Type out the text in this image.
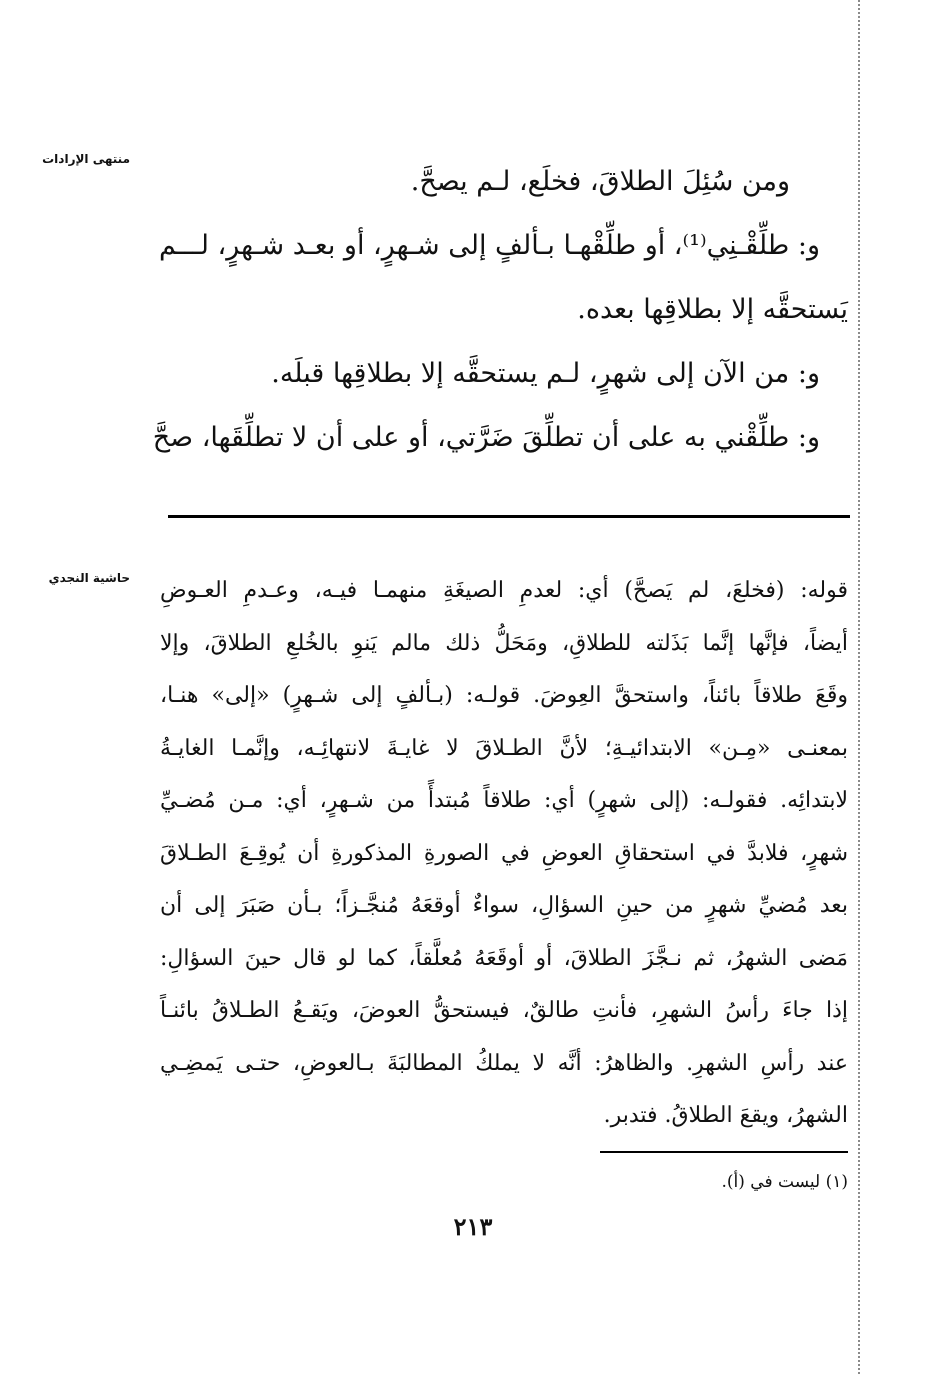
منتهى الإرادات
ومن سُئِلَ الطلاقَ، فخلَع، لـم يصحَّ.
و: طلِّقْـنِي⁽¹⁾، أو طلِّقْهـا بـألفٍ إلى شـهرٍ، أو بعـد شـهرٍ، لـــم
يَستحقَّه إلا بطلاقِها بعده.
و: من الآن إلى شهرٍ، لـم يستحقَّه إلا بطلاقِها قبلَه.
و: طلِّقْني به على أن تطلِّقَ ضَرَّتي، أو على أن لا تطلِّقَها، صحَّ
حاشية النجدي قوله: (فخلعَ، لم يَصحَّ) أي: لعدمِ الصيغَةِ منهمـا فيـه، وعـدمِ العـوضِ
أيضاً، فإنَّها إنَّما بَذَلته للطلاقِ، ومَحَلُّ ذلك مالم يَنوِ بالخُلعِ الطلاقَ، وإلا
وقَعَ طلاقاً بائناً، واستحقَّ العِوضَ. قولـه: (بـألفٍ إلى شـهرٍ) «إلى» هنـا،
بمعنـى «مِـن» الابتدائيـةِ؛ لأنَّ الطـلاقَ لا غايـةَ لانتهائِـه، وإنَّمـا الغايـةُ
لابتدائِه. فقولـه: (إلى شهرٍ) أي: طلاقاً مُبتدأً من شـهرٍ، أي: مـن مُضـيِّ
شهرٍ، فلابدَّ في استحقاقِ العوضِ في الصورةِ المذكورةِ أن يُوقِـعَ الطـلاقَ
بعد مُضيِّ شهرٍ من حينِ السؤالِ، سواءٌ أوقعَهُ مُنجَّـزاً؛ بـأن صَبَرَ إلى أن
مَضى الشهرُ، ثم نـجَّزَ الطلاقَ، أو أوقَعَهُ مُعلَّقاً، كما لو قال حينَ السؤالِ:
إذا جاءَ رأسُ الشهرِ، فأنتِ طالقٌ، فيستحقُّ العوضَ، ويَقـعُ الطـلاقُ بائنـاً
عند رأسِ الشهرِ. والظاهرُ: أنَّه لا يملكُ المطالبَةَ بـالعوضِ، حتـى يَمضِـي
الشهرُ، ويقعَ الطلاقُ. فتدبر.
(١) ليست في (أ).
٢١٣
